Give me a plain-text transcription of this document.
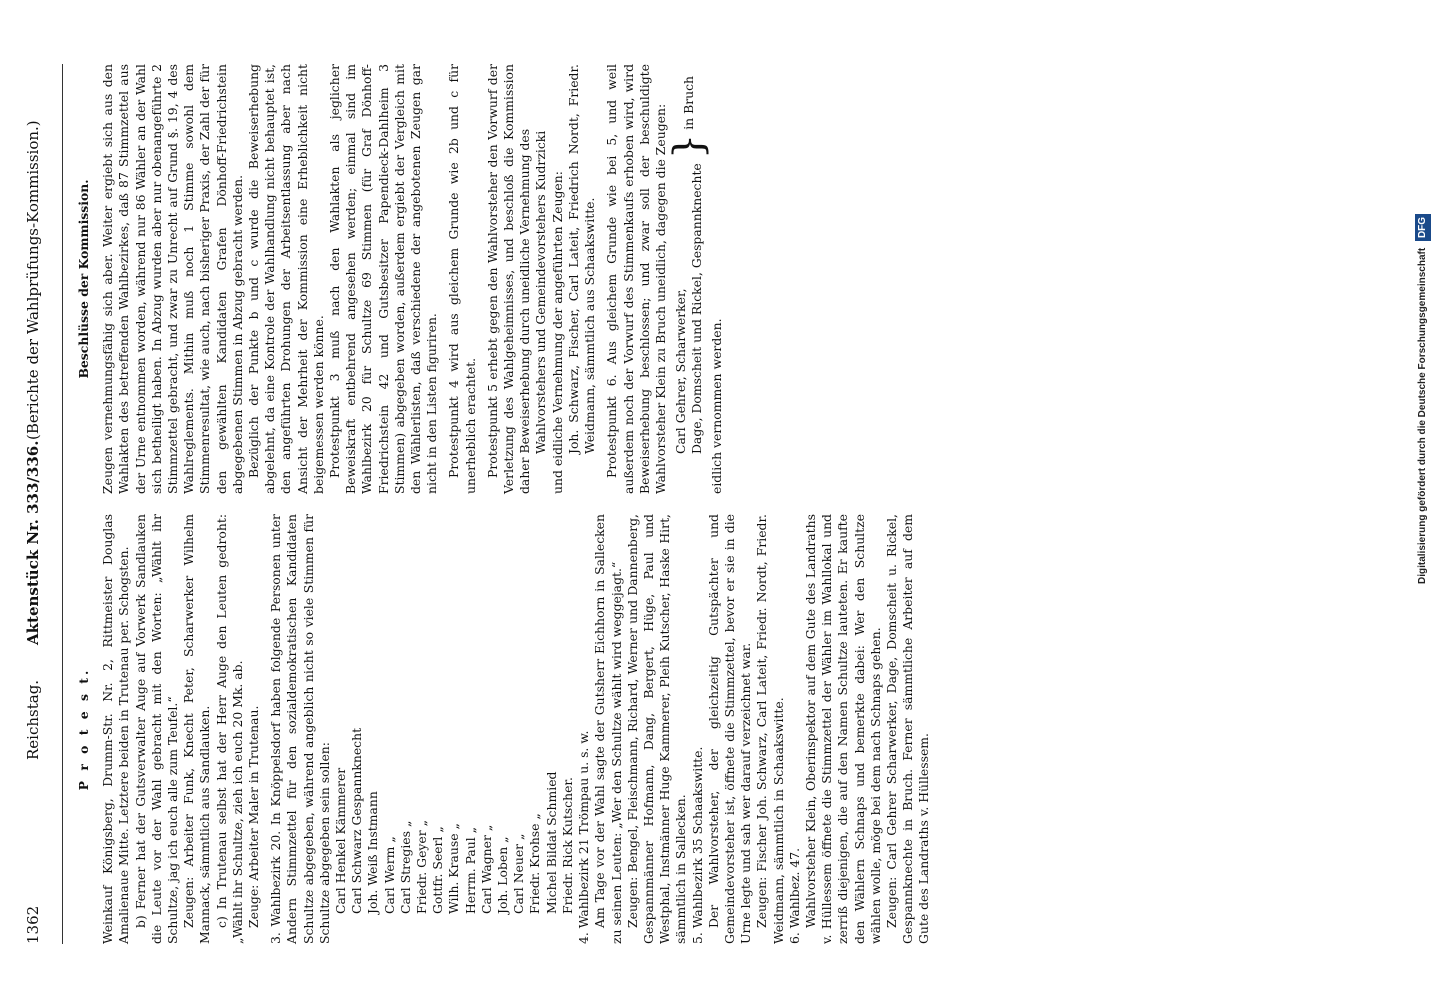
1362
Reichstag.
Aktenstück Nr. 333/336.
(Berichte der Wahlprüfungs-Kommission.)

P r o t e s t. Weinkauf Königsberg, Drumm-Str. Nr. 2, Rittmeister Douglas Amalienaue Mitte. Letztere beiden in Trutenau per. Schogsten. b) Ferner hat der Gutsverwalter Auge auf Vorwerk Sandlauken die Leute vor der Wahl gebracht mit den Worten: „Wählt ihr Schultze, jag ich euch alle zum Teufel.“ Zeugen: Arbeiter Funk, Knecht Peter, Scharwerker Wilhelm Mannack, sämmtlich aus Sandlauken. c) In Trutenau selbst hat der Herr Auge den Leuten gedroht: „Wählt ihr Schultze, zieh ich euch 20 Mk. ab. Zeuge: Arbeiter Maler in Trutenau. 3. Wahlbezirk 20. In Knöppelsdorf haben folgende Personen unter Andern Stimmzettel für den sozialdemokratischen Kandidaten Schultze abgegeben, während angeblich nicht so viele Stimmen für Schultze abgegeben sein sollen: Carl Henkel Kämmerer Carl Schwarz Gespannknecht Joh. Weiß Instmann Carl Werm „ Carl Stregies „ Friedr. Geyer „ Gottfr. Seerl „ Wilh. Krause „ Herrm. Paul „ Carl Wagner „ Joh. Loben „ Carl Neuer „ Friedr. Krohse „ Michel Bildat Schmied Friedr. Rick Kutscher. 4. Wahlbezirk 21 Trömpau u. s. w. Am Tage vor der Wahl sagte der Gutsherr Eichhorn in Sallecken zu seinen Leuten: „Wer den Schultze wählt wird weggejagt.“ Zeugen: Bengel, Fleischmann, Richard, Werner und Dannenberg, Gespannmänner Hofmann, Dang, Bergert, Hüge, Paul und Westphal, Instmänner Huge Kammerer, Pleih Kutscher, Haske Hirt, sämmtlich in Sallecken. 5. Wahlbezirk 35 Schaakswitte. Der Wahlvorsteher, der gleichzeitig Gutspächter und Gemeindevorsteher ist, öffnete die Stimmzettel, bevor er sie in die Urne legte und sah wer darauf verzeichnet war. Zeugen: Fischer Joh. Schwarz, Carl Lateit, Friedr. Nordt, Friedr. Weidmann, sämmtlich in Schaakswitte. 6. Wahlbez. 47. Wahlvorsteher Klein, Oberinspektor auf dem Gute des Landraths v. Hüllessem öffnete die Stimmzettel der Wähler im Wahllokal und zerriß diejenigen, die auf den Namen Schultze lauteten. Er kaufte den Wählern Schnaps und bemerkte dabei: Wer den Schultze wählen wolle, möge bei dem nach Schnaps gehen. Zeugen: Carl Gehrer Scharwerker, Dage, Domscheit u. Rickel, Gespannknechte in Bruch. Ferner sämmtliche Arbeiter auf dem Gute des Landraths v. Hüllessem.

Beschlüsse der Kommission. Zeugen vernehmungsfähig sich aber. Weiter ergiebt sich aus den Wahlakten des betreffenden Wahlbezirkes, daß 87 Stimmzettel aus der Urne entnommen worden, während nur 86 Wähler an der Wahl sich betheiligt haben. In Abzug wurden aber nur obenangeführte 2 Stimmzettel gebracht, und zwar zu Unrecht auf Grund §. 19, 4 des Wahlreglements. Mithin muß noch 1 Stimme sowohl dem Stimmenresultat, wie auch, nach bisheriger Praxis, der Zahl der für den gewählten Kandidaten Grafen Dönhoff-Friedrichstein abgegebenen Stimmen in Abzug gebracht werden. Bezüglich der Punkte b und c wurde die Beweiserhebung abgelehnt, da eine Kontrole der Wahlhandlung nicht behauptet ist, den angeführten Drohungen der Arbeitsentlassung aber nach Ansicht der Mehrheit der Kommission eine Erheblichkeit nicht beigemessen werden könne. Protestpunkt 3 muß nach den Wahlakten als jeglicher Beweiskraft entbehrend angesehen werden; einmal sind im Wahlbezirk 20 für Schultze 69 Stimmen (für Graf Dönhoff-Friedrichstein 42 und Gutsbesitzer Papendieck-Dahlheim 3 Stimmen) abgegeben worden, außerdem ergiebt der Vergleich mit den Wählerlisten, daß verschiedene der angebotenen Zeugen gar nicht in den Listen figuriren. Protestpunkt 4 wird aus gleichem Grunde wie 2b und c für unerheblich erachtet. Protestpunkt 5 erhebt gegen den Wahlvorsteher den Vorwurf der Verletzung des Wahlgeheimnisses, und beschloß die Kommission daher Beweiserhebung durch uneidliche Vernehmung des Wahlvorstehers und Gemeindevorstehers Kudrzicki und eidliche Vernehmung der angeführten Zeugen: Joh. Schwarz, Fischer, Carl Lateit, Friedrich Nordt, Friedr. Weidmann, sämmtlich aus Schaakswitte. Protestpunkt 6. Aus gleichem Grunde wie bei 5, und weil außerdem noch der Vorwurf des Stimmenkaufs erhoben wird, wird Beweiserhebung beschlossen; und zwar soll der beschuldigte Wahlvorsteher Klein zu Bruch uneidlich, dagegen die Zeugen: Carl Gehrer, Scharwerker, Dage, Domscheit und Rickel, Gespannknechte
}
in Bruch

eidlich vernommen werden.	Digitalisierung gefördert durch die Deutsche Forschungsgemeinschaft DFG
